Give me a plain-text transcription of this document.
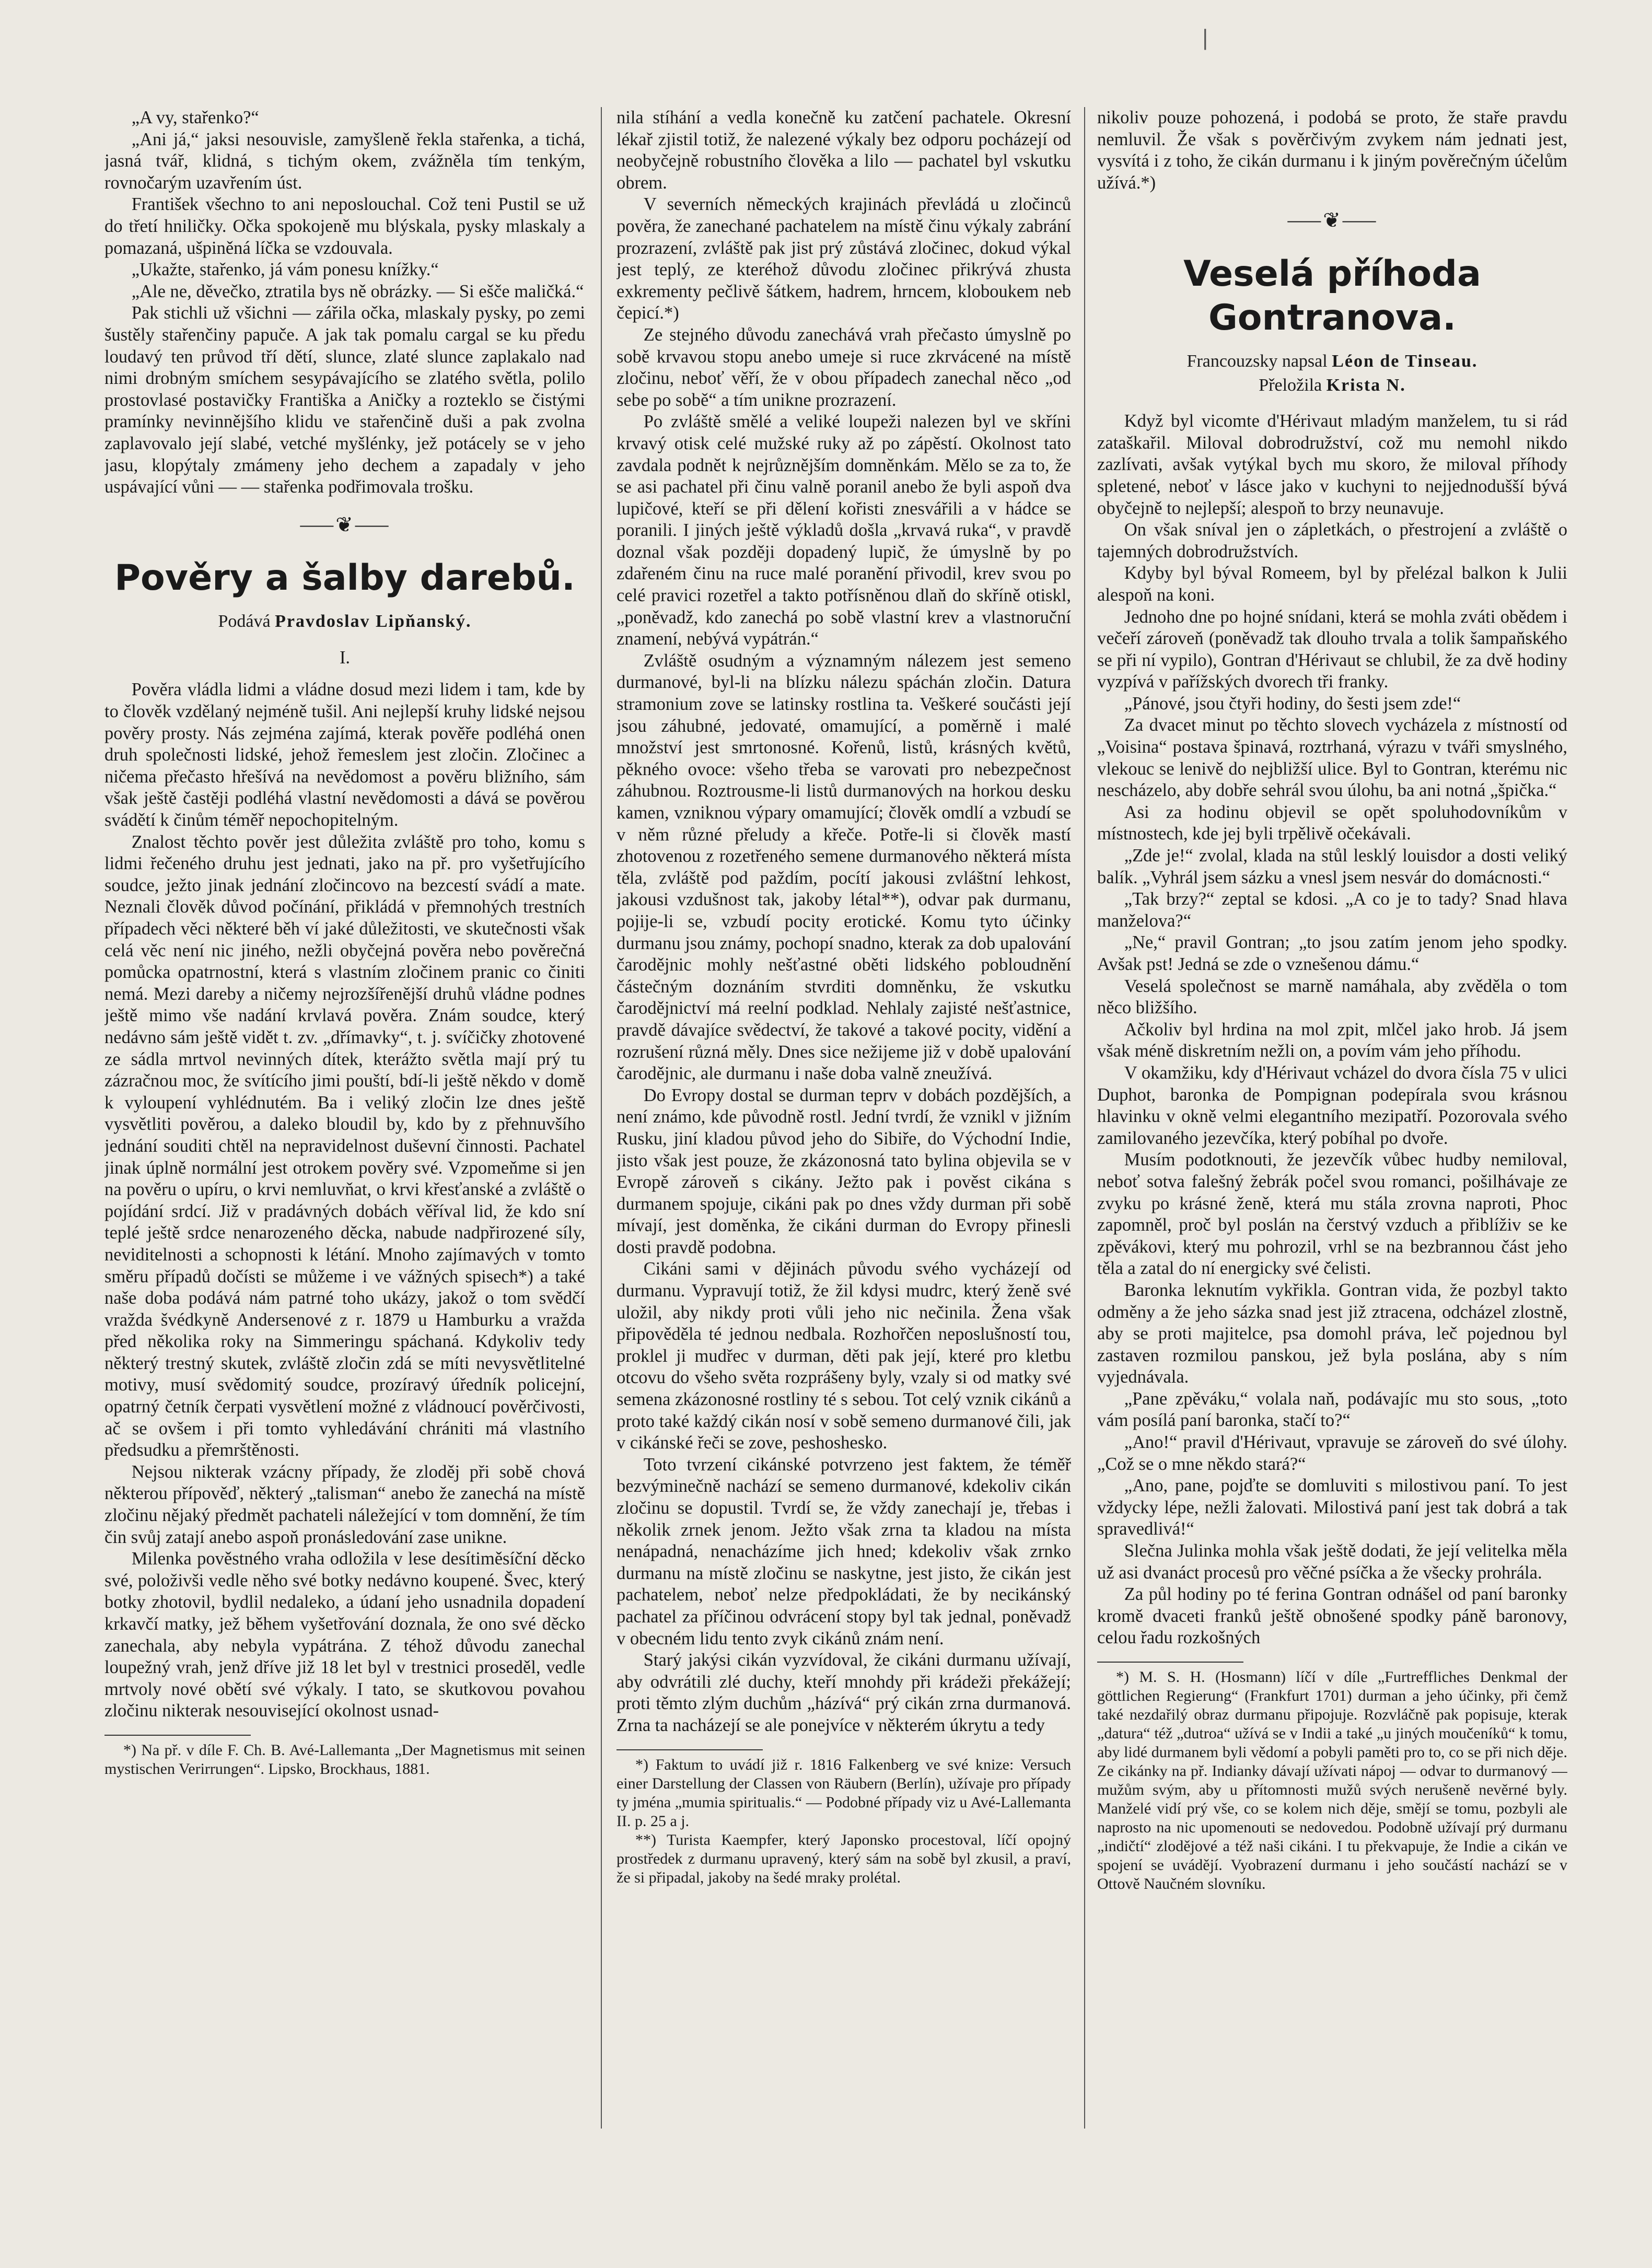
|

„A vy, stařenko?“

„Ani já,“ jaksi nesouvisle, zamyšleně řekla stařenka, a tichá, jasná tvář, klidná, s tichým okem, zvážněla tím tenkým, rovnočarým uzavřením úst.

František všechno to ani neposlouchal. Což teni Pustil se už do třetí hniličky. Očka spokojeně mu blýskala, pysky mlaskaly a pomazaná, ušpiněná líčka se vzdouvala.

„Ukažte, stařenko, já vám ponesu knížky.“

„Ale ne, děvečko, ztratila bys ně obrázky. — Si ešče maličká.“

Pak stichli už všichni — zářila očka, mlaskaly pysky, po zemi šustěly stařenčiny papuče. A jak tak pomalu cargal se ku předu loudavý ten průvod tří dětí, slunce, zlaté slunce zaplakalo nad nimi drobným smíchem sesypávajícího se zlatého světla, polilo prostovlasé postavičky Františka a Aničky a rozteklo se čistými pramínky nevinnějšího klidu ve stařenčině duši a pak zvolna zaplavovalo její slabé, vetché myšlénky, jež potácely se v jeho jasu, klopýtaly zmámeny jeho dechem a zapadaly v jeho uspávající vůni — — stařenka podřimovala trošku.

⸺❦⸺
Pověry a šalby darebů.
Podává Pravdoslav Lipňanský.
I.

Pověra vládla lidmi a vládne dosud mezi lidem i tam, kde by to člověk vzdělaný nejméně tušil. Ani nejlepší kruhy lidské nejsou pověry prosty. Nás zejména zajímá, kterak pověře podléhá onen druh společnosti lidské, jehož řemeslem jest zločin. Zločinec a ničema přečasto hřešívá na nevědomost a pověru bližního, sám však ještě častěji podléhá vlastní nevědomosti a dává se pověrou svádětí k činům téměř nepochopitelným.

Znalost těchto pověr jest důležita zvláště pro toho, komu s lidmi řečeného druhu jest jednati, jako na př. pro vyšetřujícího soudce, ježto jinak jednání zločincovo na bezcestí svádí a mate. Neznali člověk důvod počínání, přikládá v přemnohých trestních případech věci některé běh ví jaké důležitosti, ve skutečnosti však celá věc není nic jiného, nežli obyčejná pověra nebo pověrečná pomůcka opatrnostní, která s vlastním zločinem pranic co činiti nemá. Mezi dareby a ničemy nejrozšířenější druhů vládne podnes ještě mimo vše nadání krvlavá pověra. Znám soudce, který nedávno sám ještě vidět t. zv. „dřímavky“, t. j. svíčičky zhotovené ze sádla mrtvol nevinných dítek, kterážto světla mají prý tu zázračnou moc, že svítícího jimi pouští, bdí-li ještě někdo v domě k vyloupení vyhlédnutém. Ba i veliký zločin lze dnes ještě vysvětliti pověrou, a daleko bloudil by, kdo by z přehnuvšího jednání souditi chtěl na nepravidelnost duševní činnosti. Pachatel jinak úplně normální jest otrokem pověry své. Vzpomeňme si jen na pověru o upíru, o krvi nemluvňat, o krvi křesťanské a zvláště o pojídání srdcí. Již v pradávných dobách věříval lid, že kdo sní teplé ještě srdce nenarozeného děcka, nabude nadpřirozené síly, neviditelnosti a schopnosti k létání. Mnoho zajímavých v tomto směru případů dočísti se můžeme i ve vážných spisech*) a také naše doba podává nám patrné toho ukázy, jakož o tom svědčí vražda švédkyně Andersenové z r. 1879 u Hamburku a vražda před několika roky na Simmeringu spáchaná. Kdykoliv tedy některý trestný skutek, zvláště zločin zdá se míti nevysvětlitelné motivy, musí svědomitý soudce, prozíravý úředník policejní, opatrný četník čerpati vysvětlení možné z vládnoucí pověrčivosti, ač se ovšem i při tomto vyhledávání chrániti má vlastního předsudku a přemrštěnosti.

Nejsou nikterak vzácny případy, že zloděj při sobě chová některou přípověď, některý „talisman“ anebo že zanechá na místě zločinu nějaký předmět pachateli náležející v tom domnění, že tím čin svůj zatají anebo aspoň pronásledování zase unikne.

Milenka pověstného vraha odložila v lese desítiměsíční děcko své, položivši vedle něho své botky nedávno koupené. Švec, který botky zhotovil, bydlil nedaleko, a údaní jeho usnadnila dopadení krkavčí matky, jež během vyšetřování doznala, že ono své děcko zanechala, aby nebyla vypátrána. Z téhož důvodu zanechal loupežný vrah, jenž dříve již 18 let byl v trestnici proseděl, vedle mrtvoly nové obětí své výkaly. I tato, se skutkovou povahou zločinu nikterak nesouvisející okolnost usnad-

*) Na př. v díle F. Ch. B. Avé-Lallemanta „Der Magnetismus mit seinen mystischen Verirrungen“. Lipsko, Brockhaus, 1881.

nila stíhání a vedla konečně ku zatčení pachatele. Okresní lékař zjistil totiž, že nalezené výkaly bez odporu pocházejí od neobyčejně robustního člověka a lilo — pachatel byl vskutku obrem.

V severních německých krajinách převládá u zločinců pověra, že zanechané pachatelem na místě činu výkaly zabrání prozrazení, zvláště pak jist prý zůstává zločinec, dokud výkal jest teplý, ze kteréhož důvodu zločinec přikrývá zhusta exkrementy pečlivě šátkem, hadrem, hrncem, kloboukem neb čepicí.*)

Ze stejného důvodu zanechává vrah přečasto úmyslně po sobě krvavou stopu anebo umeje si ruce zkrvácené na místě zločinu, neboť věří, že v obou případech zanechal něco „od sebe po sobě“ a tím unikne prozrazení.

Po zvláště smělé a veliké loupeži nalezen byl ve skříni krvavý otisk celé mužské ruky až po zápěstí. Okolnost tato zavdala podnět k nejrůznějším domněnkám. Mělo se za to, že se asi pachatel při činu valně poranil anebo že byli aspoň dva lupičové, kteří se při dělení kořisti znesvářili a v hádce se poranili. I jiných ještě výkladů došla „krvavá ruka“, v pravdě doznal však později dopadený lupič, že úmyslně by po zdařeném činu na ruce malé poranění přivodil, krev svou po celé pravici rozetřel a takto potřísněnou dlaň do skříně otiskl, „poněvadž, kdo zanechá po sobě vlastní krev a vlastnoruční znamení, nebývá vypátrán.“

Zvláště osudným a významným nálezem jest semeno durmanové, byl-li na blízku nálezu spáchán zločin. Datura stramonium zove se latinsky rostlina ta. Veškeré součásti její jsou záhubné, jedovaté, omamující, a poměrně i malé množství jest smrtonosné. Kořenů, listů, krásných květů, pěkného ovoce: všeho třeba se varovati pro nebezpečnost záhubnou. Roztrousme-li listů durmanových na horkou desku kamen, vzniknou výpary omamující; člověk omdlí a vzbudí se v něm různé přeludy a křeče. Potře-li si člověk mastí zhotovenou z rozetřeného semene durmanového některá místa těla, zvláště pod paždím, pocítí jakousi zvláštní lehkost, jakousi vzdušnost tak, jakoby létal**), odvar pak durmanu, pojije-li se, vzbudí pocity erotické. Komu tyto účinky durmanu jsou známy, pochopí snadno, kterak za dob upalování čarodějnic mohly nešťastné oběti lidského pobloudnění částečným doznáním stvrditi domněnku, že vskutku čarodějnictví má reelní podklad. Nehlaly zajisté nešťastnice, pravdě dávajíce svědectví, že takové a takové pocity, vidění a rozrušení různá měly. Dnes sice nežijeme již v době upalování čarodějnic, ale durmanu i naše doba valně zneužívá.

Do Evropy dostal se durman teprv v dobách pozdějších, a není známo, kde původně rostl. Jední tvrdí, že vznikl v jižním Rusku, jiní kladou původ jeho do Sibiře, do Východní Indie, jisto však jest pouze, že zkázonosná tato bylina objevila se v Evropě zároveň s cikány. Ježto pak i pověst cikána s durmanem spojuje, cikáni pak po dnes vždy durman při sobě mívají, jest doměnka, že cikáni durman do Evropy přinesli dosti pravdě podobna.

Cikáni sami v dějinách původu svého vycházejí od durmanu. Vypravují totiž, že žil kdysi mudrc, který ženě své uložil, aby nikdy proti vůli jeho nic nečinila. Žena však připověděla té jednou nedbala. Rozhořčen neposlušností tou, proklel ji mudřec v durman, děti pak její, které pro kletbu otcovu do všeho světa rozprášeny byly, vzaly si od matky své semena zkázonosné rostliny té s sebou. Tot celý vznik cikánů a proto také každý cikán nosí v sobě semeno durmanové čili, jak v cikánské řeči se zove, peshoshesko.

Toto tvrzení cikánské potvrzeno jest faktem, že téměř bezvýminečně nachází se semeno durmanové, kdekoliv cikán zločinu se dopustil. Tvrdí se, že vždy zanechají je, třebas i několik zrnek jenom. Ježto však zrna ta kladou na místa nenápadná, nenacházíme jich hned; kdekoliv však zrnko durmanu na místě zločinu se naskytne, jest jisto, že cikán jest pachatelem, neboť nelze předpokládati, že by necikánský pachatel za příčinou odvrácení stopy byl tak jednal, poněvadž v obecném lidu tento zvyk cikánů znám není.

Starý jakýsi cikán vyzvídoval, že cikáni durmanu užívají, aby odvrátili zlé duchy, kteří mnohdy při krádeži překážejí; proti těmto zlým duchům „házívá“ prý cikán zrna durmanová. Zrna ta nacházejí se ale ponejvíce v některém úkrytu a tedy

*) Faktum to uvádí již r. 1816 Falkenberg ve své knize: Versuch einer Darstellung der Classen von Räubern (Berlín), užívaje pro případy ty jména „mumia spiritualis.“ — Podobné případy viz u Avé-Lallemanta II. p. 25 a j.

**) Turista Kaempfer, který Japonsko procestoval, líčí opojný prostředek z durmanu upravený, který sám na sobě byl zkusil, a praví, že si připadal, jakoby na šedé mraky prolétal.

nikoliv pouze pohozená, i podobá se proto, že staře pravdu nemluvil. Že však s pověrčivým zvykem nám jednati jest, vysvítá i z toho, že cikán durmanu i k jiným pověrečným účelům užívá.*)

⸺❦⸺
Veselá příhoda Gontranova.
Francouzsky napsal Léon de Tinseau.
Přeložila Krista N.

Když byl vicomte d'Hérivaut mladým manželem, tu si rád zataškařil. Miloval dobrodružství, což mu nemohl nikdo zazlívati, avšak vytýkal bych mu skoro, že miloval příhody spletené, neboť v lásce jako v kuchyni to nejjednodušší bývá obyčejně to nejlepší; alespoň to brzy neunavuje.

On však sníval jen o zápletkách, o přestrojení a zvláště o tajemných dobrodružstvích.

Kdyby byl býval Romeem, byl by přelézal balkon k Julii alespoň na koni.

Jednoho dne po hojné snídani, která se mohla zváti obědem i večeří zároveň (poněvadž tak dlouho trvala a tolik šampaňského se při ní vypilo), Gontran d'Hérivaut se chlubil, že za dvě hodiny vyzpívá v pařížských dvorech tři franky.

„Pánové, jsou čtyři hodiny, do šesti jsem zde!“

Za dvacet minut po těchto slovech vycházela z místností od „Voisina“ postava špinavá, roztrhaná, výrazu v tváři smyslného, vlekouc se lenivě do nejbližší ulice. Byl to Gontran, kterému nic nescházelo, aby dobře sehrál svou úlohu, ba ani notná „špička.“

Asi za hodinu objevil se opět spoluhodovníkům v místnostech, kde jej byli trpělivě očekávali.

„Zde je!“ zvolal, klada na stůl lesklý louisdor a dosti veliký balík. „Vyhrál jsem sázku a vnesl jsem nesvár do domácnosti.“

„Tak brzy?“ zeptal se kdosi. „A co je to tady? Snad hlava manželova?“

„Ne,“ pravil Gontran; „to jsou zatím jenom jeho spodky. Avšak pst! Jedná se zde o vznešenou dámu.“

Veselá společnost se marně namáhala, aby zvěděla o tom něco bližšího.

Ačkoliv byl hrdina na mol zpit, mlčel jako hrob. Já jsem však méně diskretním nežli on, a povím vám jeho příhodu.

V okamžiku, kdy d'Hérivaut vcházel do dvora čísla 75 v ulici Duphot, baronka de Pompignan podepírala svou krásnou hlavinku v okně velmi elegantního mezipatří. Pozorovala svého zamilovaného jezevčíka, který pobíhal po dvoře.

Musím podotknouti, že jezevčík vůbec hudby nemiloval, neboť sotva falešný žebrák počel svou romanci, pošilhávaje ze zvyku po krásné ženě, která mu stála zrovna naproti, Phoc zapomněl, proč byl poslán na čerstvý vzduch a přiblíživ se ke zpěvákovi, který mu pohrozil, vrhl se na bezbrannou část jeho těla a zatal do ní energicky své čelisti.

Baronka leknutím vykřikla. Gontran vida, že pozbyl takto odměny a že jeho sázka snad jest již ztracena, odcházel zlostně, aby se proti majitelce, psa domohl práva, leč pojednou byl zastaven rozmilou panskou, jež byla poslána, aby s ním vyjednávala.

„Pane zpěváku,“ volala naň, podávajíc mu sto sous, „toto vám posílá paní baronka, stačí to?“

„Ano!“ pravil d'Hérivaut, vpravuje se zároveň do své úlohy. „Což se o mne někdo stará?“

„Ano, pane, pojďte se domluviti s milostivou paní. To jest vždycky lépe, nežli žalovati. Milostivá paní jest tak dobrá a tak spravedlivá!“

Slečna Julinka mohla však ještě dodati, že její velitelka měla už asi dvanáct procesů pro věčné psíčka a že všecky prohrála.

Za půl hodiny po té ferina Gontran odnášel od paní baronky kromě dvaceti franků ještě obnošené spodky páně baronovy, celou řadu rozkošných

*) M. S. H. (Hosmann) líčí v díle „Furtreffliches Denkmal der göttlichen Regierung“ (Frankfurt 1701) durman a jeho účinky, při čemž také nezdařilý obraz durmanu připojuje. Rozvláčně pak popisuje, kterak „datura“ též „dutroa“ užívá se v Indii a také „u jiných moučeníků“ k tomu, aby lidé durmanem byli vědomí a pobyli paměti pro to, co se při nich děje. Ze cikánky na př. Indianky dávají užívati nápoj — odvar to durmanový — mužům svým, aby u přítomnosti mužů svých nerušeně nevěrné byly. Manželé vidí prý vše, co se kolem nich děje, smějí se tomu, pozbyli ale naprosto na nic upomenouti se nedovedou. Podobně užívají prý durmanu „indičtí“ zlodějové a též naši cikáni. I tu překvapuje, že Indie a cikán ve spojení se uvádějí. Vyobrazení durmanu i jeho součástí nachází se v Ottově Naučném slovníku.
